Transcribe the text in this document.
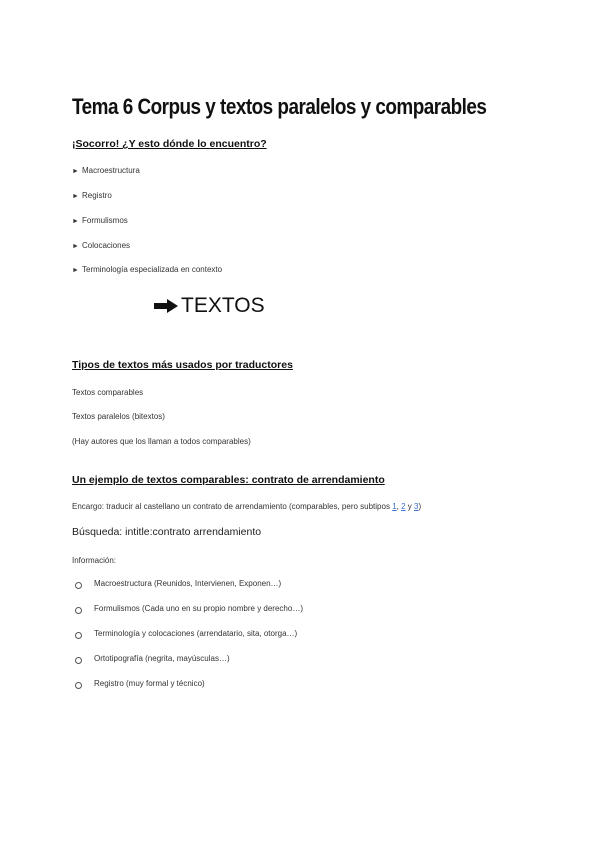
Tema 6 Corpus y textos paralelos y comparables
¡Socorro! ¿Y esto dónde lo encuentro?
► Macroestructura
► Registro
► Formulismos
► Colocaciones
► Terminología especializada en contexto
TEXTOS
Tipos de textos más usados por traductores
Textos comparables
Textos paralelos (bitextos)
(Hay autores que los llaman a todos comparables)
Un ejemplo de textos comparables: contrato de arrendamiento
Encargo: traducir al castellano un contrato de arrendamiento (comparables, pero subtipos 1, 2 y 3)
Búsqueda: intitle:contrato arrendamiento
Información:
Macroestructura (Reunidos, Intervienen, Exponen…)
Formulismos (Cada uno en su propio nombre y derecho…)
Terminología y colocaciones (arrendatario, sita, otorga…)
Ortotipografía (negrita, mayúsculas…)
Registro (muy formal y técnico)
